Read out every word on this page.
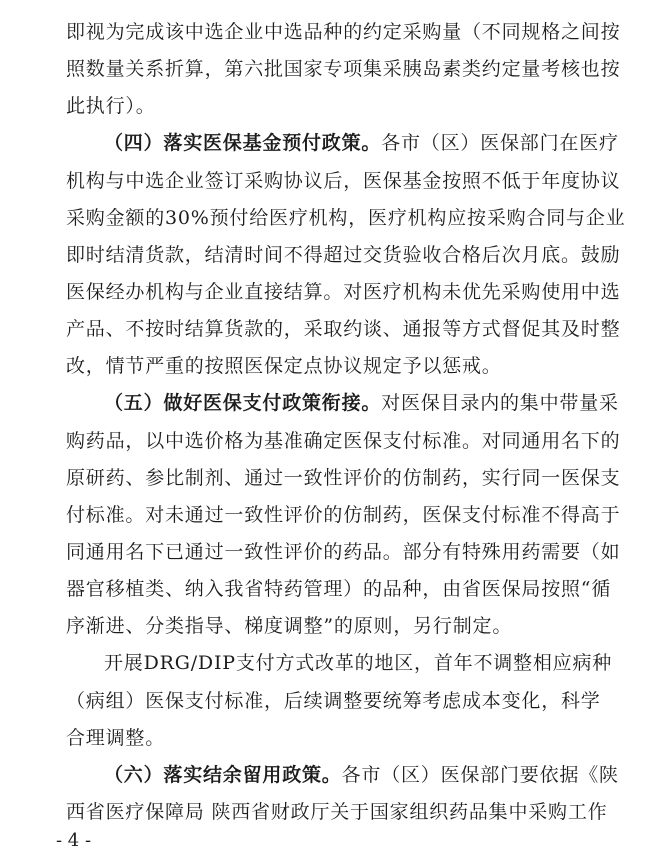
即视为完成该中选企业中选品种的约定采购量（不同规格之间按
照数量关系折算，第六批国家专项集采胰岛素类约定量考核也按
此执行）。
（四）落实医保基金预付政策。各市（区）医保部门在医疗
机构与中选企业签订采购协议后，医保基金按照不低于年度协议
采购金额的30%预付给医疗机构，医疗机构应按采购合同与企业
即时结清货款，结清时间不得超过交货验收合格后次月底。鼓励
医保经办机构与企业直接结算。对医疗机构未优先采购使用中选
产品、不按时结算货款的，采取约谈、通报等方式督促其及时整
改，情节严重的按照医保定点协议规定予以惩戒。
（五）做好医保支付政策衔接。对医保目录内的集中带量采
购药品，以中选价格为基准确定医保支付标准。对同通用名下的
原研药、参比制剂、通过一致性评价的仿制药，实行同一医保支
付标准。对未通过一致性评价的仿制药，医保支付标准不得高于
同通用名下已通过一致性评价的药品。部分有特殊用药需要（如
器官移植类、纳入我省特药管理）的品种，由省医保局按照“循
序渐进、分类指导、梯度调整”的原则，另行制定。
开展DRG/DIP支付方式改革的地区，首年不调整相应病种
（病组）医保支付标准，后续调整要统筹考虑成本变化，科学
合理调整。
（六）落实结余留用政策。各市（区）医保部门要依据《陕
西省医疗保障局 陕西省财政厅关于国家组织药品集中采购工作
- 4 -
